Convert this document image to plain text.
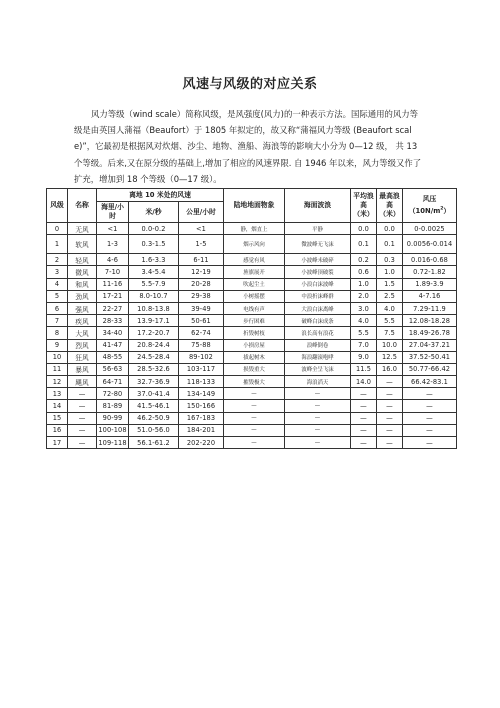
风速与风级的对应关系

风力等级（wind scale）简称风级，是风强度(风力)的一种表示方法。国际通用的风力等级是由英国人蒲福（Beaufort）于 1805 年拟定的，故又称“蒲福风力等级 (Beaufort scale)”，它最初是根据风对炊烟、沙尘、地物、渔船、海浪等的影响大小分为 0—12 级， 共 13 个等级。后来,又在原分级的基础上,增加了相应的风速界限. 自 1946 年以来，风力等级又作了扩充，增加到 18 个等级（0—17 级）。

风级	名称	离地 10 米处的风速			陆地地面物象	海面波浪	平均浪高（米）	最高浪高（米）	风压
$(10N/m^2)$
		海里/小时	米/秒	公里/小时					
0	无风	<1	0.0-0.2	<1	静，烟直上	平静	0.0	0.0	0-0.0025
1	软风	1-3	0.3-1.5	1-5	烟示风向	微波峰无飞沫	0.1	0.1	0.0056-0.014
2	轻风	4-6	1.6-3.3	6-11	感觉有风	小波峰未破碎	0.2	0.3	0.016-0.68
3	微风	7-10	3.4-5.4	12-19	旌旗展开	小波峰顶破裂	0.6	1.0	0.72-1.82
4	和风	11-16	5.5-7.9	20-28	吹起尘土	小浪白沫波峰	1.0	1.5	1.89-3.9
5	劲风	17-21	8.0-10.7	29-38	小树摇摆	中浪折沫峰群	2.0	2.5	4-7.16
6	强风	22-27	10.8-13.8	39-49	电线有声	大浪白沫离峰	3.0	4.0	7.29-11.9
7	疾风	28-33	13.9-17.1	50-61	步行困难	破峰白沫成条	4.0	5.5	12.08-18.28
8	大风	34-40	17.2-20.7	62-74	折毁树枝	浪长高有浪花	5.5	7.5	18.49-26.78
9	烈风	41-47	20.8-24.4	75-88	小损房屋	浪峰倒卷	7.0	10.0	27.04-37.21
10	狂风	48-55	24.5-28.4	89-102	拔起树木	海浪翻滚咆哮	9.0	12.5	37.52-50.41
11	暴风	56-63	28.5-32.6	103-117	损毁重大	波峰全呈飞沫	11.5	16.0	50.77-66.42
12	飓风	64-71	32.7-36.9	118-133	摧毁极大	海浪滔天	14.0	—	66.42-83.1
13	—	72-80	37.0-41.4	134-149	—	—	—	—	—
14	—	81-89	41.5-46.1	150-166	—	—	—	—	—
15	—	90-99	46.2-50.9	167-183	—	—	—	—	—
16	—	100-108	51.0-56.0	184-201	—	—	—	—	—
17	—	109-118	56.1-61.2	202-220	—	—	—	—	—
